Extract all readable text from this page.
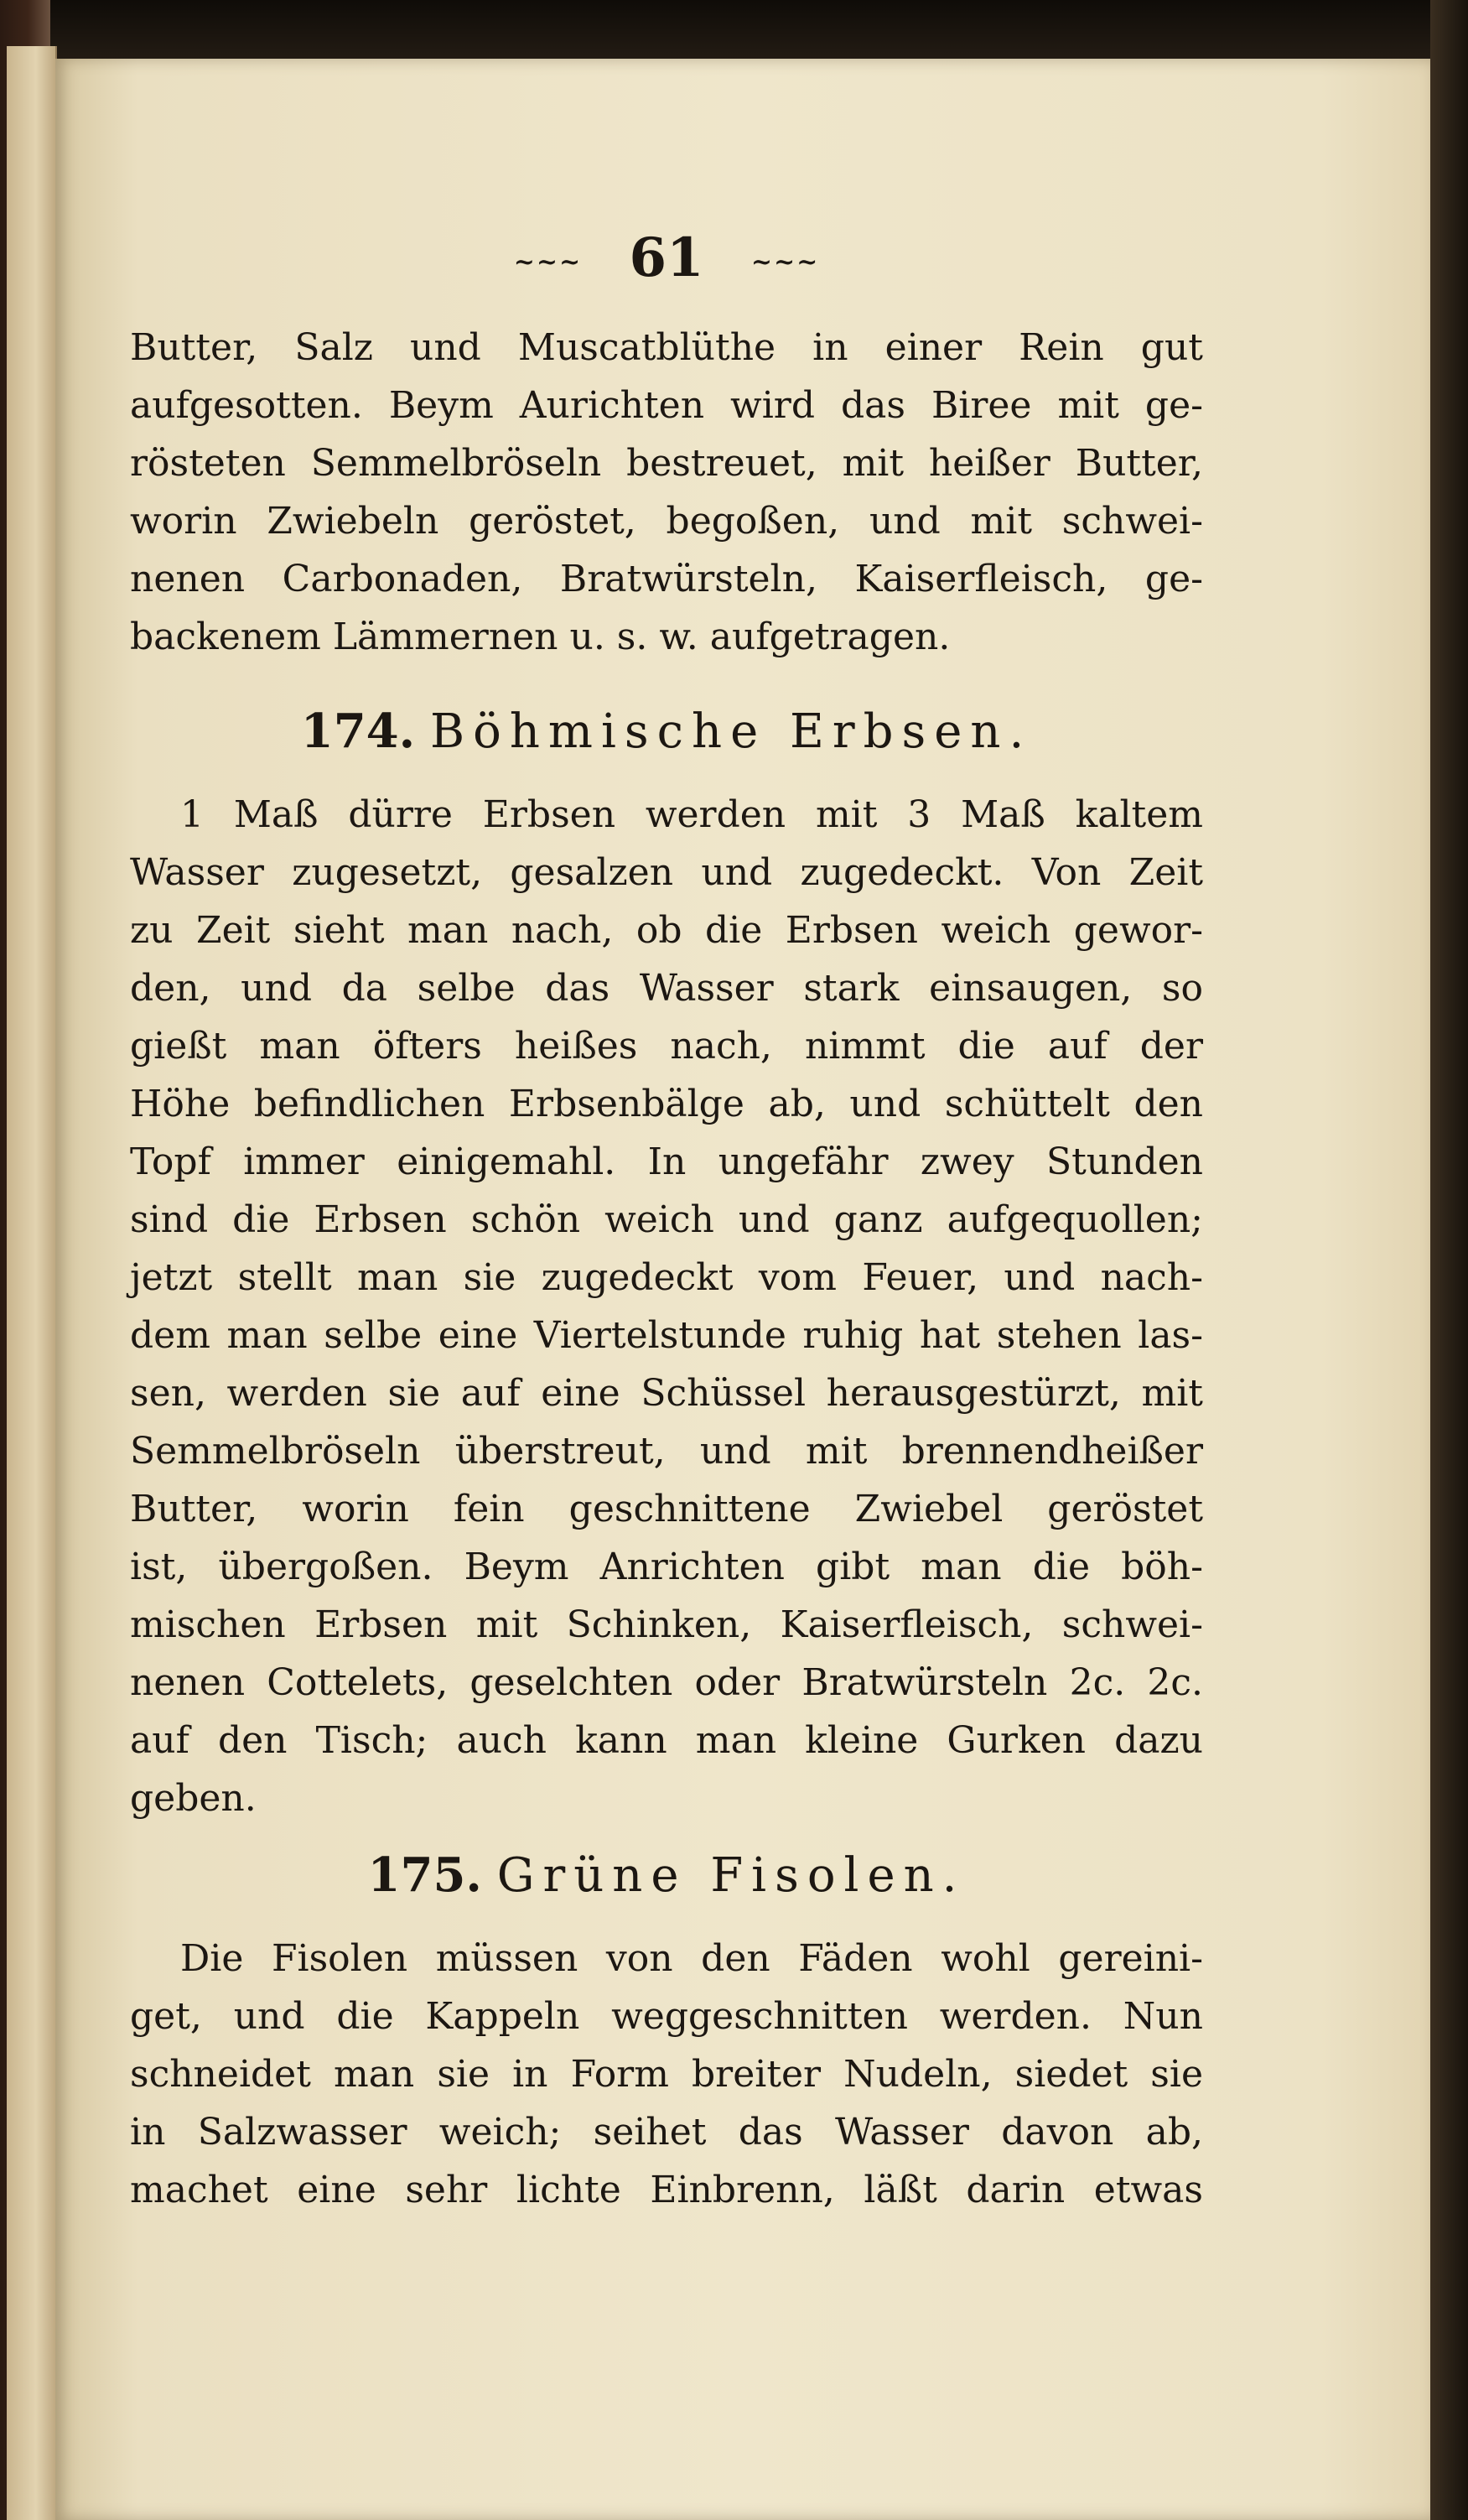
~~~ 61 ~~~
Butter, Salz und Muscatblüthe in einer Rein gut
aufgesotten. Beym Aurichten wird das Biree mit ge-
rösteten Semmelbröseln bestreuet, mit heißer Butter,
worin Zwiebeln geröstet, begoßen, und mit schwei-
nenen Carbonaden, Bratwürsteln, Kaiserfleisch, ge-
backenem Lämmernen u. s. w. aufgetragen.
174. Böhmische Erbsen.
1 Maß dürre Erbsen werden mit 3 Maß kaltem
Wasser zugesetzt, gesalzen und zugedeckt. Von Zeit
zu Zeit sieht man nach, ob die Erbsen weich gewor-
den, und da selbe das Wasser stark einsaugen, so
gießt man öfters heißes nach, nimmt die auf der
Höhe befindlichen Erbsenbälge ab, und schüttelt den
Topf immer einigemahl. In ungefähr zwey Stunden
sind die Erbsen schön weich und ganz aufgequollen;
jetzt stellt man sie zugedeckt vom Feuer, und nach-
dem man selbe eine Viertelstunde ruhig hat stehen las-
sen, werden sie auf eine Schüssel herausgestürzt, mit
Semmelbröseln überstreut, und mit brennendheißer
Butter, worin fein geschnittene Zwiebel geröstet
ist, übergoßen. Beym Anrichten gibt man die böh-
mischen Erbsen mit Schinken, Kaiserfleisch, schwei-
nenen Cottelets, geselchten oder Bratwürsteln 2c. 2c.
auf den Tisch; auch kann man kleine Gurken dazu
geben.
175. Grüne Fisolen.
Die Fisolen müssen von den Fäden wohl gereini-
get, und die Kappeln weggeschnitten werden. Nun
schneidet man sie in Form breiter Nudeln, siedet sie
in Salzwasser weich; seihet das Wasser davon ab,
machet eine sehr lichte Einbrenn, läßt darin etwas
